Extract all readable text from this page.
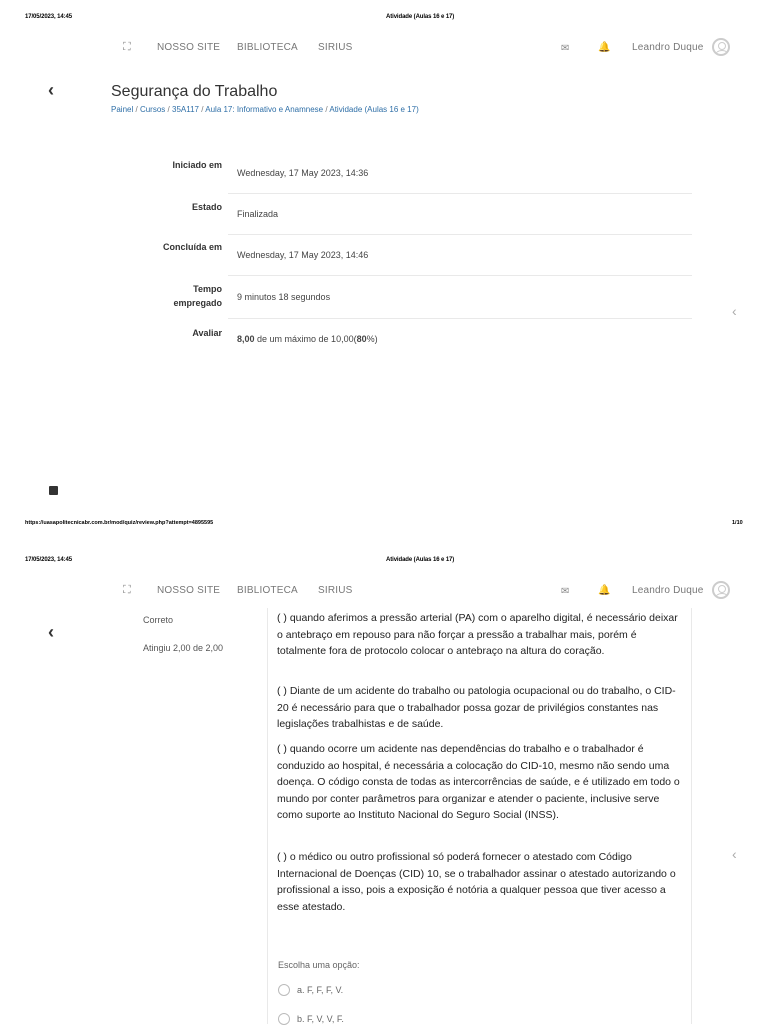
17/05/2023, 14:45	Atividade (Aulas 16 e 17)
⛶	NOSSO SITE BIBLIOTECA SIRIUS	✉	🔔 Leandro Duque
‹	Segurança do Trabalho
Painel / Cursos / 35A117 / Aula 17: Informativo e Anamnese / Atividade (Aulas 16 e 17)
Iniciado em
Wednesday, 17 May 2023, 14:36
Estado
Finalizada
Concluída em
Wednesday, 17 May 2023, 14:46
Tempo
empregado
9 minutos 18 segundos
Avaliar
8,00 de um máximo de 10,00(80%)
‹
https://uasapolitecnicabr.com.br/mod/quiz/review.php?attempt=4895595	1/10
17/05/2023, 14:45	Atividade (Aulas 16 e 17)
⛶	NOSSO SITE BIBLIOTECA SIRIUS	✉	🔔 Leandro Duque
‹
Correto
Atingiu 2,00 de 2,00
( ) quando aferimos a pressão arterial (PA) com o aparelho digital, é necessário deixar o antebraço em repouso para não forçar a pressão a trabalhar mais, porém é totalmente fora de protocolo colocar o antebraço na altura do coração.
( ) Diante de um acidente do trabalho ou patologia ocupacional ou do trabalho, o CID-20 é necessário para que o trabalhador possa gozar de privilégios constantes nas legislações trabalhistas e de saúde.
( ) quando ocorre um acidente nas dependências do trabalho e o trabalhador é conduzido ao hospital, é necessária a colocação do CID-10, mesmo não sendo uma doença. O código consta de todas as intercorrências de saúde, e é utilizado em todo o mundo por conter parâmetros para organizar e atender o paciente, inclusive serve como suporte ao Instituto Nacional do Seguro Social (INSS).
( ) o médico ou outro profissional só poderá fornecer o atestado com Código Internacional de Doenças (CID) 10, se o trabalhador assinar o atestado autorizando o profissional a isso, pois a exposição é notória a qualquer pessoa que tiver acesso a esse atestado.
Escolha uma opção:
a. F, F, F, V.
b. F, V, V, F.
‹
